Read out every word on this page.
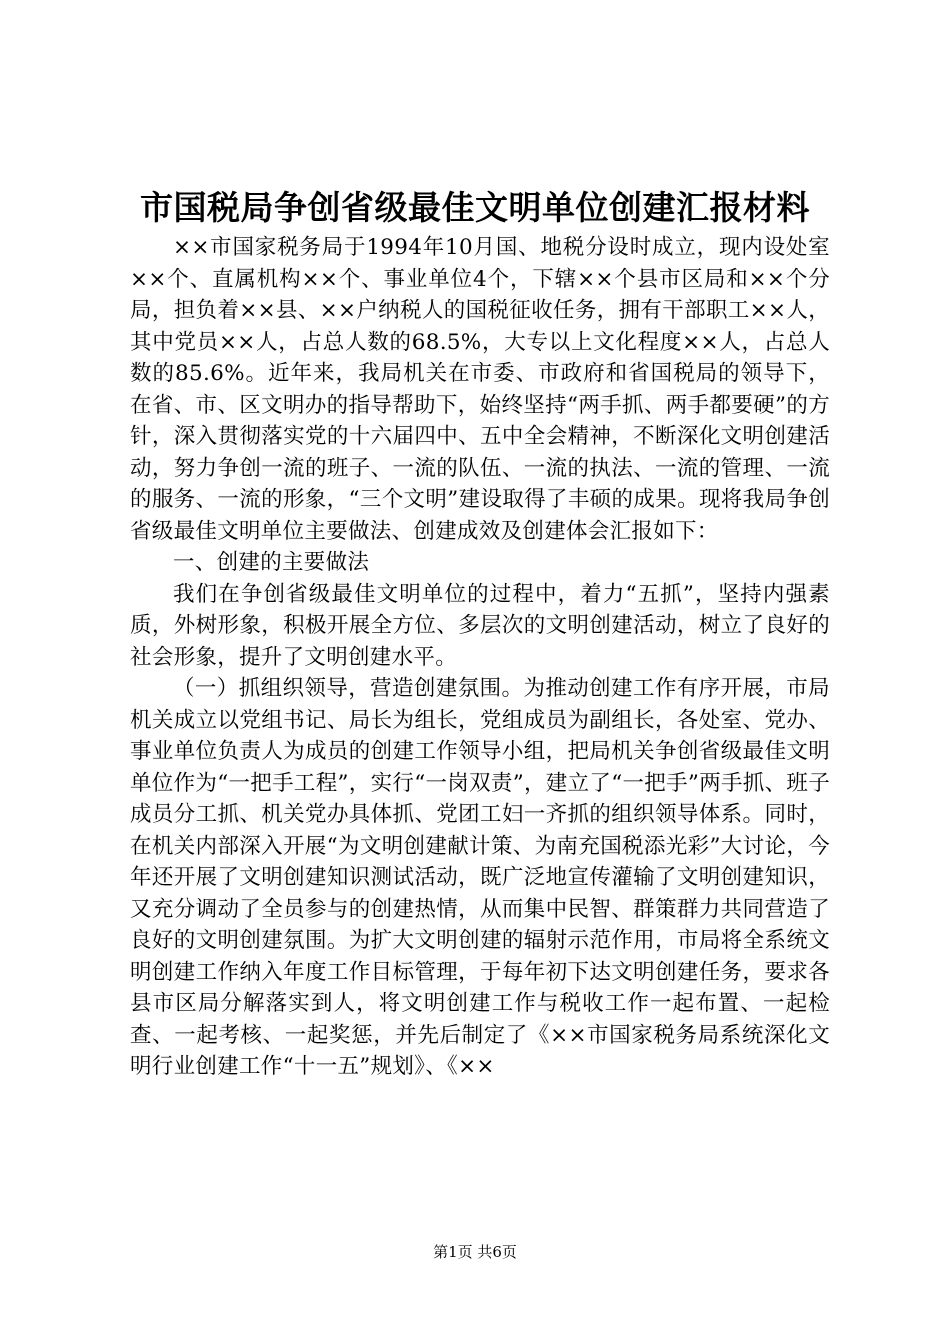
市国税局争创省级最佳文明单位创建汇报材料

××市国家税务局于1994年10月国、地税分设时成立，现内设处室××个、直属机构××个、事业单位4个，下辖××个县市区局和××个分局，担负着××县、××户纳税人的国税征收任务，拥有干部职工××人，其中党员××人，占总人数的68.5%，大专以上文化程度××人，占总人数的85.6%。近年来，我局机关在市委、市政府和省国税局的领导下，在省、市、区文明办的指导帮助下，始终坚持“两手抓、两手都要硬”的方针，深入贯彻落实党的十六届四中、五中全会精神，不断深化文明创建活动，努力争创一流的班子、一流的队伍、一流的执法、一流的管理、一流的服务、一流的形象，“三个文明”建设取得了丰硕的成果。现将我局争创省级最佳文明单位主要做法、创建成效及创建体会汇报如下：

一、创建的主要做法

我们在争创省级最佳文明单位的过程中，着力“五抓”，坚持内强素质，外树形象，积极开展全方位、多层次的文明创建活动，树立了良好的社会形象，提升了文明创建水平。

（一）抓组织领导，营造创建氛围。为推动创建工作有序开展，市局机关成立以党组书记、局长为组长，党组成员为副组长，各处室、党办、事业单位负责人为成员的创建工作领导小组，把局机关争创省级最佳文明单位作为“一把手工程”，实行“一岗双责”，建立了“一把手”两手抓、班子成员分工抓、机关党办具体抓、党团工妇一齐抓的组织领导体系。同时，在机关内部深入开展“为文明创建献计策、为南充国税添光彩”大讨论，今年还开展了文明创建知识测试活动，既广泛地宣传灌输了文明创建知识，又充分调动了全员参与的创建热情，从而集中民智、群策群力共同营造了良好的文明创建氛围。为扩大文明创建的辐射示范作用，市局将全系统文明创建工作纳入年度工作目标管理，于每年初下达文明创建任务，要求各县市区局分解落实到人，将文明创建工作与税收工作一起布置、一起检查、一起考核、一起奖惩，并先后制定了《××市国家税务局系统深化文明行业创建工作“十一五”规划》、《××

第1页 共6页
